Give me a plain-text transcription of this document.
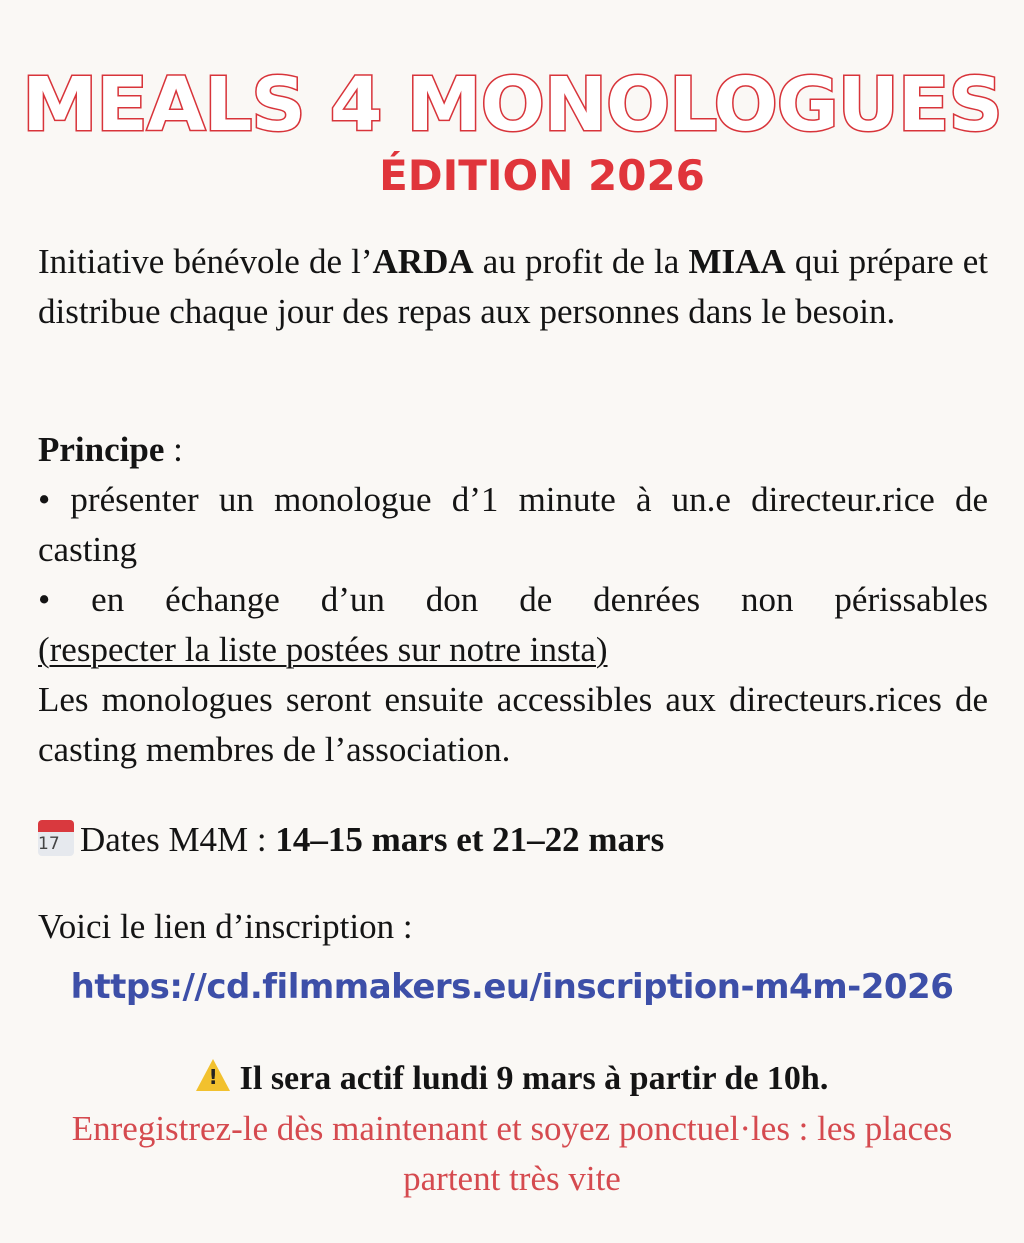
MEALS 4 MONOLOGUES
ÉDITION 2026
Initiative bénévole de l’ARDA au profit de la MIAA qui prépare et distribue chaque jour des repas aux personnes dans le besoin.
Principe :
• présenter un monologue d’1 minute à un.e directeur.rice de casting
• en échange d’un don de denrées non périssables
(respecter la liste postées sur notre insta)
Les monologues seront ensuite accessibles aux directeurs.rices de casting membres de l’association.
17 Dates M4M : 14–15 mars et 21–22 mars
Voici le lien d’inscription :
https://cd.filmmakers.eu/inscription-m4m-2026
! Il sera actif lundi 9 mars à partir de 10h.
Enregistrez-le dès maintenant et soyez ponctuel·les : les places partent très vite
